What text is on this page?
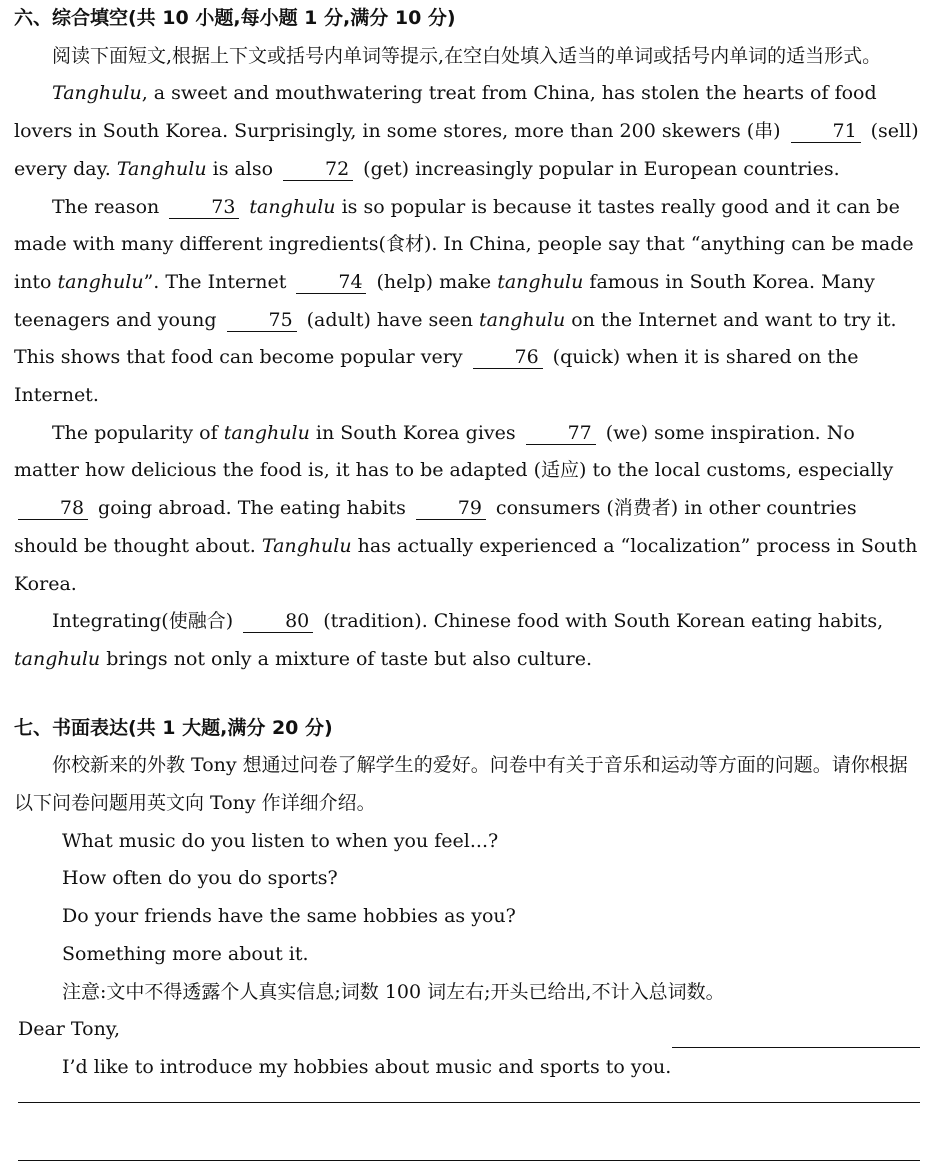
六、综合填空(共 10 小题,每小题 1 分,满分 10 分)

阅读下面短文,根据上下文或括号内单词等提示,在空白处填入适当的单词或括号内单词的适当形式。

Tanghulu, a sweet and mouthwatering treat from China, has stolen the hearts of food lovers in South Korea. Surprisingly, in some stores, more than 200 skewers (串) 71 (sell) every day. Tanghulu is also 72 (get) increasingly popular in European countries.

The reason 73 tanghulu is so popular is because it tastes really good and it can be made with many different ingredients(食材). In China, people say that “anything can be made into tanghulu”. The Internet 74 (help) make tanghulu famous in South Korea. Many teenagers and young 75 (adult) have seen tanghulu on the Internet and want to try it. This shows that food can become popular very 76 (quick) when it is shared on the Internet.

The popularity of tanghulu in South Korea gives 77 (we) some inspiration. No matter how delicious the food is, it has to be adapted (适应) to the local customs, especially 78 going abroad. The eating habits 79 consumers (消费者) in other countries should be thought about. Tanghulu has actually experienced a “localization” process in South Korea.

Integrating(使融合) 80 (tradition). Chinese food with South Korean eating habits, tanghulu brings not only a mixture of taste but also culture.

七、书面表达(共 1 大题,满分 20 分)

你校新来的外教 Tony 想通过问卷了解学生的爱好。问卷中有关于音乐和运动等方面的问题。请你根据以下问卷问题用英文向 Tony 作详细介绍。

What music do you listen to when you feel...?

How often do you do sports?

Do your friends have the same hobbies as you?

Something more about it.

注意:文中不得透露个人真实信息;词数 100 词左右;开头已给出,不计入总词数。

Dear Tony,

I’d like to introduce my hobbies about music and sports to you.
